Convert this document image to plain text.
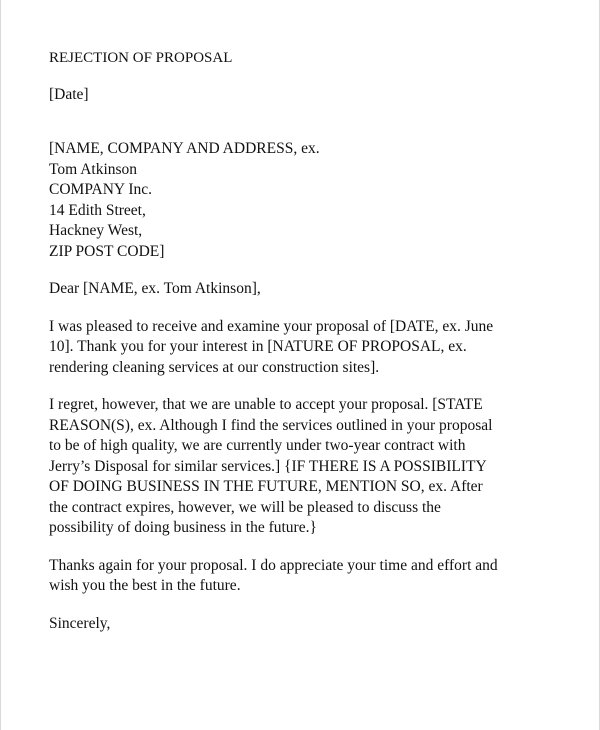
REJECTION OF PROPOSAL
[Date]
[NAME, COMPANY AND ADDRESS, ex.
Tom Atkinson
COMPANY Inc.
14 Edith Street,
Hackney West,
ZIP POST CODE]
Dear [NAME, ex. Tom Atkinson],
I was pleased to receive and examine your proposal of [DATE, ex. June
10]. Thank you for your interest in [NATURE OF PROPOSAL, ex.
rendering cleaning services at our construction sites].
I regret, however, that we are unable to accept your proposal. [STATE
REASON(S), ex. Although I find the services outlined in your proposal
to be of high quality, we are currently under two-year contract with
Jerry’s Disposal for similar services.] {IF THERE IS A POSSIBILITY
OF DOING BUSINESS IN THE FUTURE, MENTION SO, ex. After
the contract expires, however, we will be pleased to discuss the
possibility of doing business in the future.}
Thanks again for your proposal. I do appreciate your time and effort and
wish you the best in the future.
Sincerely,
